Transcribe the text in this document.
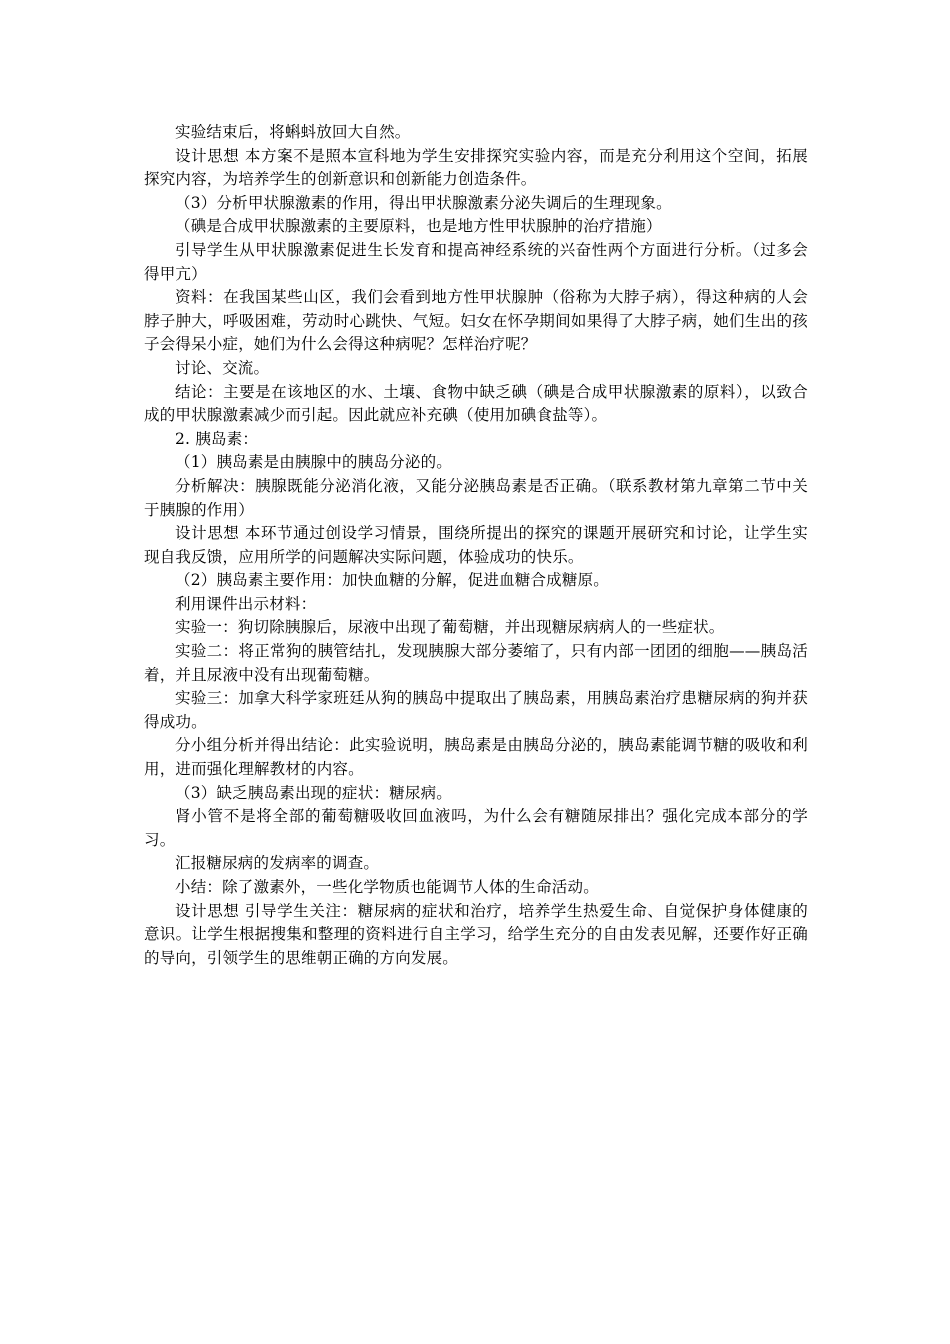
实验结束后，将蝌蚪放回大自然。

设计思想 本方案不是照本宣科地为学生安排探究实验内容，而是充分利用这个空间，拓展探究内容，为培养学生的创新意识和创新能力创造条件。

（3）分析甲状腺激素的作用，得出甲状腺激素分泌失调后的生理现象。

（碘是合成甲状腺激素的主要原料，也是地方性甲状腺肿的治疗措施）

引导学生从甲状腺激素促进生长发育和提高神经系统的兴奋性两个方面进行分析。（过多会得甲亢）

资料：在我国某些山区，我们会看到地方性甲状腺肿（俗称为大脖子病），得这种病的人会脖子肿大，呼吸困难，劳动时心跳快、气短。妇女在怀孕期间如果得了大脖子病，她们生出的孩子会得呆小症，她们为什么会得这种病呢？怎样治疗呢？

讨论、交流。

结论：主要是在该地区的水、土壤、食物中缺乏碘（碘是合成甲状腺激素的原料），以致合成的甲状腺激素减少而引起。因此就应补充碘（使用加碘食盐等）。

2. 胰岛素：

（1）胰岛素是由胰腺中的胰岛分泌的。

分析解决：胰腺既能分泌消化液，又能分泌胰岛素是否正确。（联系教材第九章第二节中关于胰腺的作用）

设计思想 本环节通过创设学习情景，围绕所提出的探究的课题开展研究和讨论，让学生实现自我反馈，应用所学的问题解决实际问题，体验成功的快乐。

（2）胰岛素主要作用：加快血糖的分解，促进血糖合成糖原。

利用课件出示材料：

实验一：狗切除胰腺后，尿液中出现了葡萄糖，并出现糖尿病病人的一些症状。

实验二：将正常狗的胰管结扎，发现胰腺大部分萎缩了，只有内部一团团的细胞——胰岛活着，并且尿液中没有出现葡萄糖。

实验三：加拿大科学家班廷从狗的胰岛中提取出了胰岛素，用胰岛素治疗患糖尿病的狗并获得成功。

分小组分析并得出结论：此实验说明，胰岛素是由胰岛分泌的，胰岛素能调节糖的吸收和利用，进而强化理解教材的内容。

（3）缺乏胰岛素出现的症状：糖尿病。

肾小管不是将全部的葡萄糖吸收回血液吗，为什么会有糖随尿排出？强化完成本部分的学习。

汇报糖尿病的发病率的调查。

小结：除了激素外，一些化学物质也能调节人体的生命活动。

设计思想 引导学生关注：糖尿病的症状和治疗，培养学生热爱生命、自觉保护身体健康的意识。让学生根据搜集和整理的资料进行自主学习，给学生充分的自由发表见解，还要作好正确的导向，引领学生的思维朝正确的方向发展。
